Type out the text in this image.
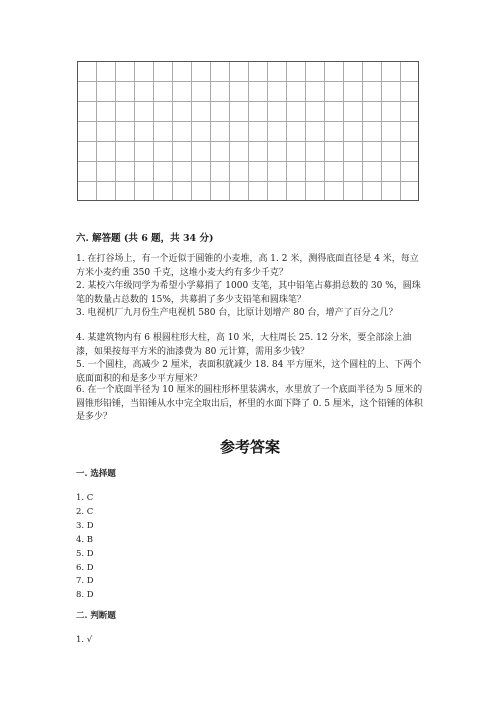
六. 解答题 (共 6 题，共 34 分)
1. 在打谷场上，有一个近似于圆锥的小麦堆，高 1. 2 米，测得底面直径是 4 米，每立方米小麦约重 350 千克，这堆小麦大约有多少千克？
2. 某校六年级同学为希望小学募捐了 1000 支笔，其中铅笔占募捐总数的 30 %，圆珠笔的数量占总数的 15%，共募捐了多少支铅笔和圆珠笔？
3. 电视机厂九月份生产电视机 580 台，比原计划增产 80 台，增产了百分之几？
4. 某建筑物内有 6 根圆柱形大柱，高 10 米，大柱周长 25. 12 分米，要全部涂上油漆，如果按每平方米的油漆费为 80 元计算，需用多少钱？
5. 一个圆柱，高减少 2 厘米，表面积就减少 18. 84 平方厘米，这个圆柱的上、下两个底面面积的和是多少平方厘米？
6. 在一个底面半径为 10 厘米的圆柱形杯里装满水，水里放了一个底面半径为 5 厘米的圆锥形铅锤，当铅锤从水中完全取出后，杯里的水面下降了 0. 5 厘米，这个铅锤的体积是多少？
参考答案
一. 选择题
1. C
2. C
3. D
4. B
5. D
6. D
7. D
8. D
二. 判断题
1. √
